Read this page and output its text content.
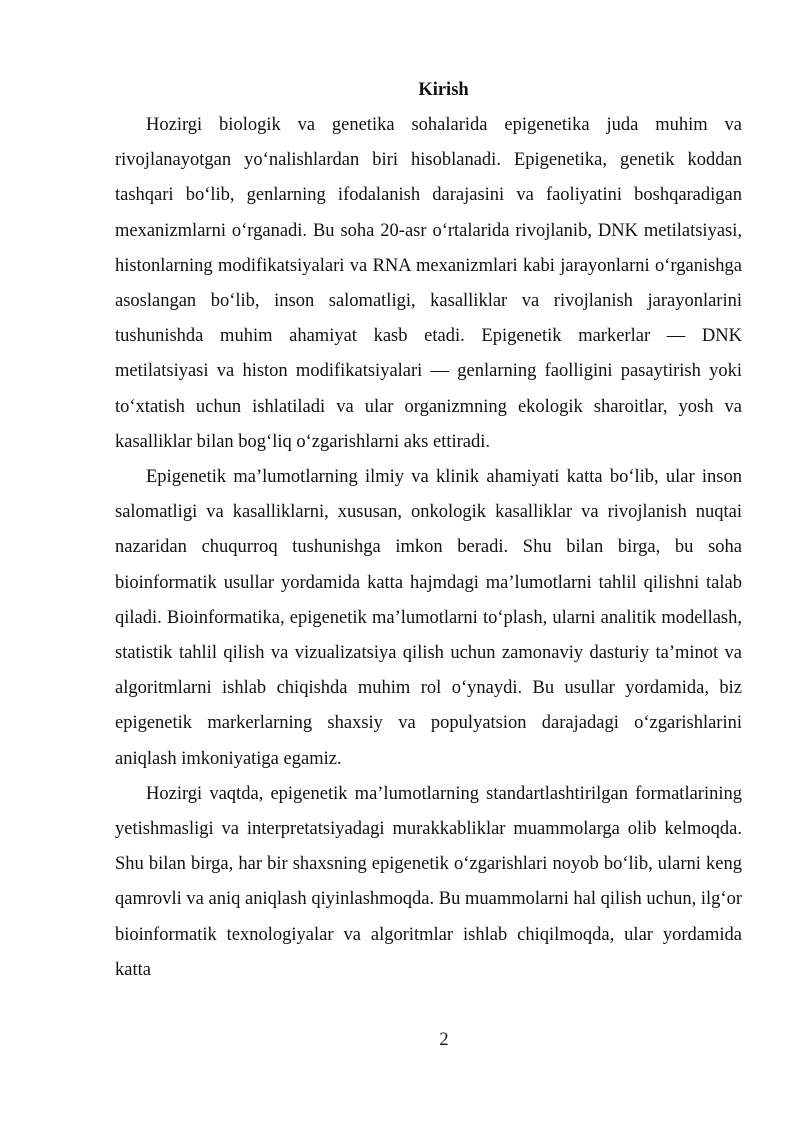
Kirish

Hozirgi biologik va genetika sohalarida epigenetika juda muhim va rivojlanayotgan yoʻnalishlardan biri hisoblanadi. Epigenetika, genetik koddan tashqari boʻlib, genlarning ifodalanish darajasini va faoliyatini boshqaradigan mexanizmlarni oʻrganadi. Bu soha 20-asr oʻrtalarida rivojlanib, DNK metilatsiyasi, histonlarning modifikatsiyalari va RNA mexanizmlari kabi jarayonlarni oʻrganishga asoslangan boʻlib, inson salomatligi, kasalliklar va rivojlanish jarayonlarini tushunishda muhim ahamiyat kasb etadi. Epigenetik markerlar — DNK metilatsiyasi va histon modifikatsiyalari — genlarning faolligini pasaytirish yoki toʻxtatish uchun ishlatiladi va ular organizmning ekologik sharoitlar, yosh va kasalliklar bilan bogʻliq oʻzgarishlarni aks ettiradi.

Epigenetik maʼlumotlarning ilmiy va klinik ahamiyati katta boʻlib, ular inson salomatligi va kasalliklarni, xususan, onkologik kasalliklar va rivojlanish nuqtai nazaridan chuqurroq tushunishga imkon beradi. Shu bilan birga, bu soha bioinformatik usullar yordamida katta hajmdagi maʼlumotlarni tahlil qilishni talab qiladi. Bioinformatika, epigenetik maʼlumotlarni toʻplash, ularni analitik modellash, statistik tahlil qilish va vizualizatsiya qilish uchun zamonaviy dasturiy taʼminot va algoritmlarni ishlab chiqishda muhim rol oʻynaydi. Bu usullar yordamida, biz epigenetik markerlarning shaxsiy va populyatsion darajadagi oʻzgarishlarini aniqlash imkoniyatiga egamiz.

Hozirgi vaqtda, epigenetik maʼlumotlarning standartlashtirilgan formatlarining yetishmasligi va interpretatsiyadagi murakkabliklar muammolarga olib kelmoqda. Shu bilan birga, har bir shaxsning epigenetik oʻzgarishlari noyob boʻlib, ularni keng qamrovli va aniq aniqlash qiyinlashmoqda. Bu muammolarni hal qilish uchun, ilgʻor bioinformatik texnologiyalar va algoritmlar ishlab chiqilmoqda, ular yordamida katta

2
